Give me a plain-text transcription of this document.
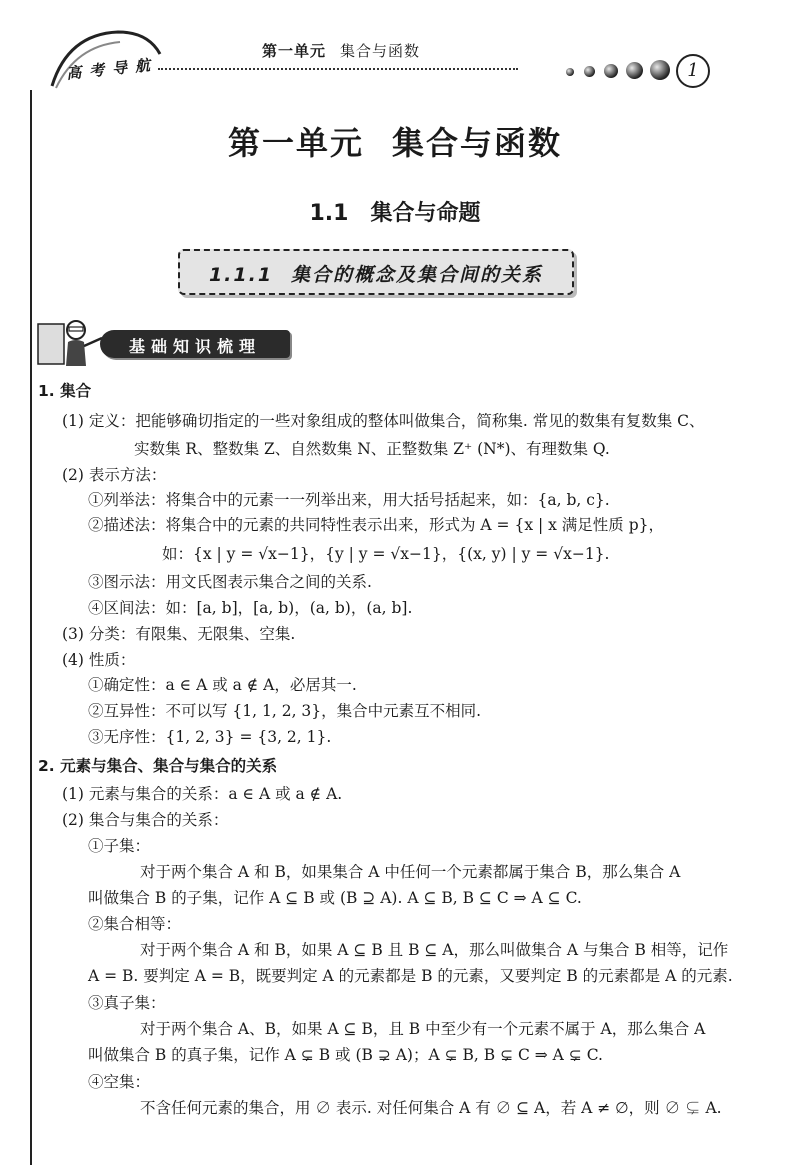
高考导航
第一单元 集合与函数
1
第一单元 集合与函数
1.1 集合与命题
1.1.1 集合的概念及集合间的关系
基础知识梳理
1. 集合
(1) 定义：把能够确切指定的一些对象组成的整体叫做集合，简称集. 常见的数集有复数集 C、
实数集 R、整数集 Z、自然数集 N、正整数集 Z⁺ (N*)、有理数集 Q.
(2) 表示方法：
①列举法：将集合中的元素一一列举出来，用大括号括起来，如：{a, b, c}.
②描述法：将集合中的元素的共同特性表示出来，形式为 A = {x | x 满足性质 p}，
如：{x | y = √x−1}，{y | y = √x−1}，{(x, y) | y = √x−1}.
③图示法：用文氏图表示集合之间的关系.
④区间法：如：[a, b]，[a, b)，(a, b)，(a, b].
(3) 分类：有限集、无限集、空集.
(4) 性质：
①确定性：a ∈ A 或 a ∉ A，必居其一.
②互异性：不可以写 {1, 1, 2, 3}，集合中元素互不相同.
③无序性：{1, 2, 3} = {3, 2, 1}.
2. 元素与集合、集合与集合的关系
(1) 元素与集合的关系：a ∈ A 或 a ∉ A.
(2) 集合与集合的关系：
①子集：
对于两个集合 A 和 B，如果集合 A 中任何一个元素都属于集合 B，那么集合 A
叫做集合 B 的子集，记作 A ⊆ B 或 (B ⊇ A). A ⊆ B, B ⊆ C ⇒ A ⊆ C.
②集合相等：
对于两个集合 A 和 B，如果 A ⊆ B 且 B ⊆ A，那么叫做集合 A 与集合 B 相等，记作
A = B. 要判定 A = B，既要判定 A 的元素都是 B 的元素，又要判定 B 的元素都是 A 的元素.
③真子集：
对于两个集合 A、B，如果 A ⊆ B，且 B 中至少有一个元素不属于 A，那么集合 A
叫做集合 B 的真子集，记作 A ⊊ B 或 (B ⊋ A)；A ⊊ B, B ⊊ C ⇒ A ⊊ C.
④空集：
不含任何元素的集合，用 ∅ 表示. 对任何集合 A 有 ∅ ⊆ A，若 A ≠ ∅，则 ∅ ⊊ A.
